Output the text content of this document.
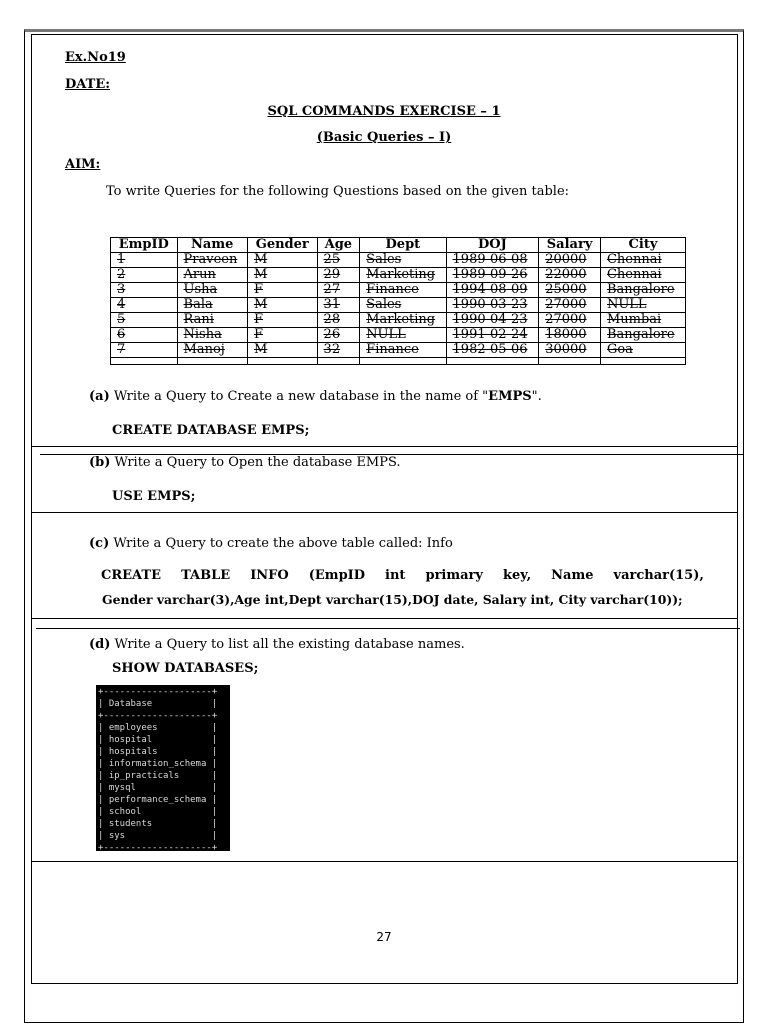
Ex.No19
DATE:
SQL COMMANDS EXERCISE – 1
(Basic Queries – I)
AIM:
To write Queries for the following Questions based on the given table:
EmpID	Name	Gender	Age	Dept	DOJ	Salary	City
1	Praveen	M	25	Sales	1989-06-08	20000	Chennai
2	Arun	M	29	Marketing	1989-09-26	22000	Chennai
3	Usha	F	27	Finance	1994-08-09	25000	Bangalore
4	Bala	M	31	Sales	1990-03-23	27000	NULL
5	Rani	F	28	Marketing	1990-04-23	27000	Mumbai
6	Nisha	F	26	NULL	1991-02-24	18000	Bangalore
7	Manoj	M	32	Finance	1982-05-06	30000	Goa

(a) Write a Query to Create a new database in the name of "EMPS".
CREATE DATABASE EMPS;
(b) Write a Query to Open the database EMPS.
USE EMPS;
(c) Write a Query to create the above table called: Info
CREATE TABLE INFO (EmpID int primary key, Name varchar(15),
Gender varchar(3),Age int,Dept varchar(15),DOJ date, Salary int, City varchar(10));
(d) Write a Query to list all the existing database names.
SHOW DATABASES;
+--------------------+
| Database           |
+--------------------+
| employees          |
| hospital           |
| hospitals          |
| information_schema |
| ip_practicals      |
| mysql              |
| performance_schema |
| school             |
| students           |
| sys                |
+--------------------+
27
